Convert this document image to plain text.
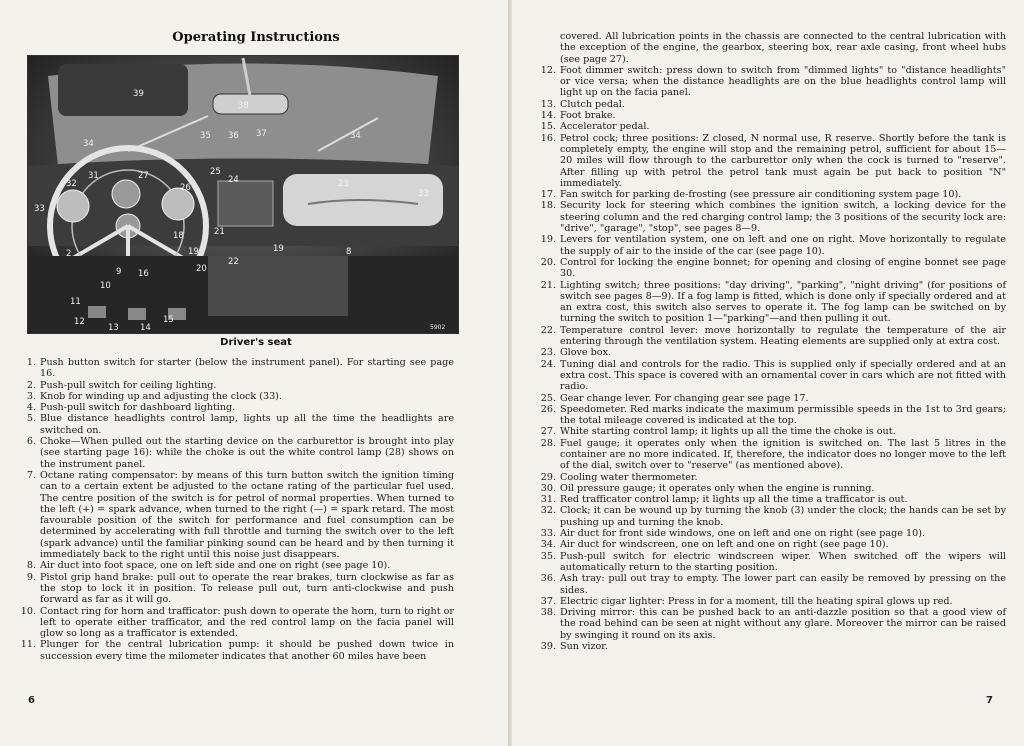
Operating Instructions
39
38
34
35 36 37	34
27
31
26
25
24	23
33
33
32
18	21
19
22
19	8
20
2
9 16
10
11
12
13 14
15
5902
Driver's seat
1. Push button switch for starter (below the instrument panel). For starting see page 16.
2. Push-pull switch for ceiling lighting.
3. Knob for winding up and adjusting the clock (33).
4. Push-pull switch for dashboard lighting.
5. Blue distance headlights control lamp, lights up all the time the headlights are switched on.
6. Choke—When pulled out the starting device on the carburettor is brought into play (see starting page 16): while the choke is out the white control lamp (28) shows on the instrument panel.
7. Octane rating compensator: by means of this turn button switch the ignition timing can to a certain extent be adjusted to the octane rating of the particular fuel used. The centre position of the switch is for petrol of normal properties. When turned to the left (+) = spark advance, when turned to the right (—) = spark retard. The most favourable position of the switch for performance and fuel consumption can be determined by accelerating with full throttle and turning the switch over to the left (spark advance) until the familiar pinking sound can be heard and by then turning it immediately back to the right until this noise just disappears.
8. Air duct into foot space, one on left side and one on right (see page 10).
9. Pistol grip hand brake: pull out to operate the rear brakes, turn clockwise as far as the stop to lock it in position. To release pull out, turn anti-clockwise and push forward as far as it will go.
10. Contact ring for horn and trafficator: push down to operate the horn, turn to right or left to operate either trafficator, and the red control lamp on the facia panel will glow so long as a trafficator is extended.
11. Plunger for the central lubrication pump: it should be pushed down twice in succession every time the milometer indicates that another 60 miles have been
6
covered. All lubrication points in the chassis are connected to the central lubrication with the exception of the engine, the gearbox, steering box, rear axle casing, front wheel hubs (see page 27).
12. Foot dimmer switch: press down to switch from "dimmed lights" to "distance headlights" or vice versa; when the distance headlights are on the blue headlights control lamp will light up on the facia panel.
13. Clutch pedal.
14. Foot brake.
15. Accelerator pedal.
16. Petrol cock; three positions: Z closed, N normal use, R reserve. Shortly before the tank is completely empty, the engine will stop and the remaining petrol, sufficient for about 15—20 miles will flow through to the carburettor only when the cock is turned to "reserve". After filling up with petrol the petrol tank must again be put back to position "N" immediately.
17. Fan switch for parking de-frosting (see pressure air conditioning system page 10).
18. Security lock for steering which combines the ignition switch, a locking device for the steering column and the red charging control lamp; the 3 positions of the security lock are: "drive", "garage", "stop", see pages 8—9.
19. Levers for ventilation system, one on left and one on right. Move horizontally to regulate the supply of air to the inside of the car (see page 10).
20. Control for locking the engine bonnet; for opening and closing of engine bonnet see page 30.
21. Lighting switch; three positions: "day driving", "parking", "night driving" (for positions of switch see pages 8—9). If a fog lamp is fitted, which is done only if specially ordered and at an extra cost, this switch also serves to operate it. The fog lamp can be switched on by turning the switch to position 1—"parking"—and then pulling it out.
22. Temperature control lever: move horizontally to regulate the temperature of the air entering through the ventilation system. Heating elements are supplied only at extra cost.
23. Glove box.
24. Tuning dial and controls for the radio. This is supplied only if specially ordered and at an extra cost. This space is covered with an ornamental cover in cars which are not fitted with radio.
25. Gear change lever. For changing gear see page 17.
26. Speedometer. Red marks indicate the maximum permissible speeds in the 1st to 3rd gears; the total mileage covered is indicated at the top.
27. White starting control lamp; it lights up all the time the choke is out.
28. Fuel gauge; it operates only when the ignition is switched on. The last 5 litres in the container are no more indicated. If, therefore, the indicator does no longer move to the left of the dial, switch over to "reserve" (as mentioned above).
29. Cooling water thermometer.
30. Oil pressure gauge; it operates only when the engine is running.
31. Red trafficator control lamp; it lights up all the time a trafficator is out.
32. Clock; it can be wound up by turning the knob (3) under the clock; the hands can be set by pushing up and turning the knob.
33. Air duct for front side windows, one on left and one on right (see page 10).
34. Air duct for windscreen, one on left and one on right (see page 10).
35. Push-pull switch for electric windscreen wiper. When switched off the wipers will automatically return to the starting position.
36. Ash tray: pull out tray to empty. The lower part can easily be removed by pressing on the sides.
37. Electric cigar lighter: Press in for a moment, till the heating spiral glows up red.
38. Driving mirror: this can be pushed back to an anti-dazzle position so that a good view of the road behind can be seen at night without any glare. Moreover the mirror can be raised by swinging it round on its axis.
39. Sun vizor.
7
